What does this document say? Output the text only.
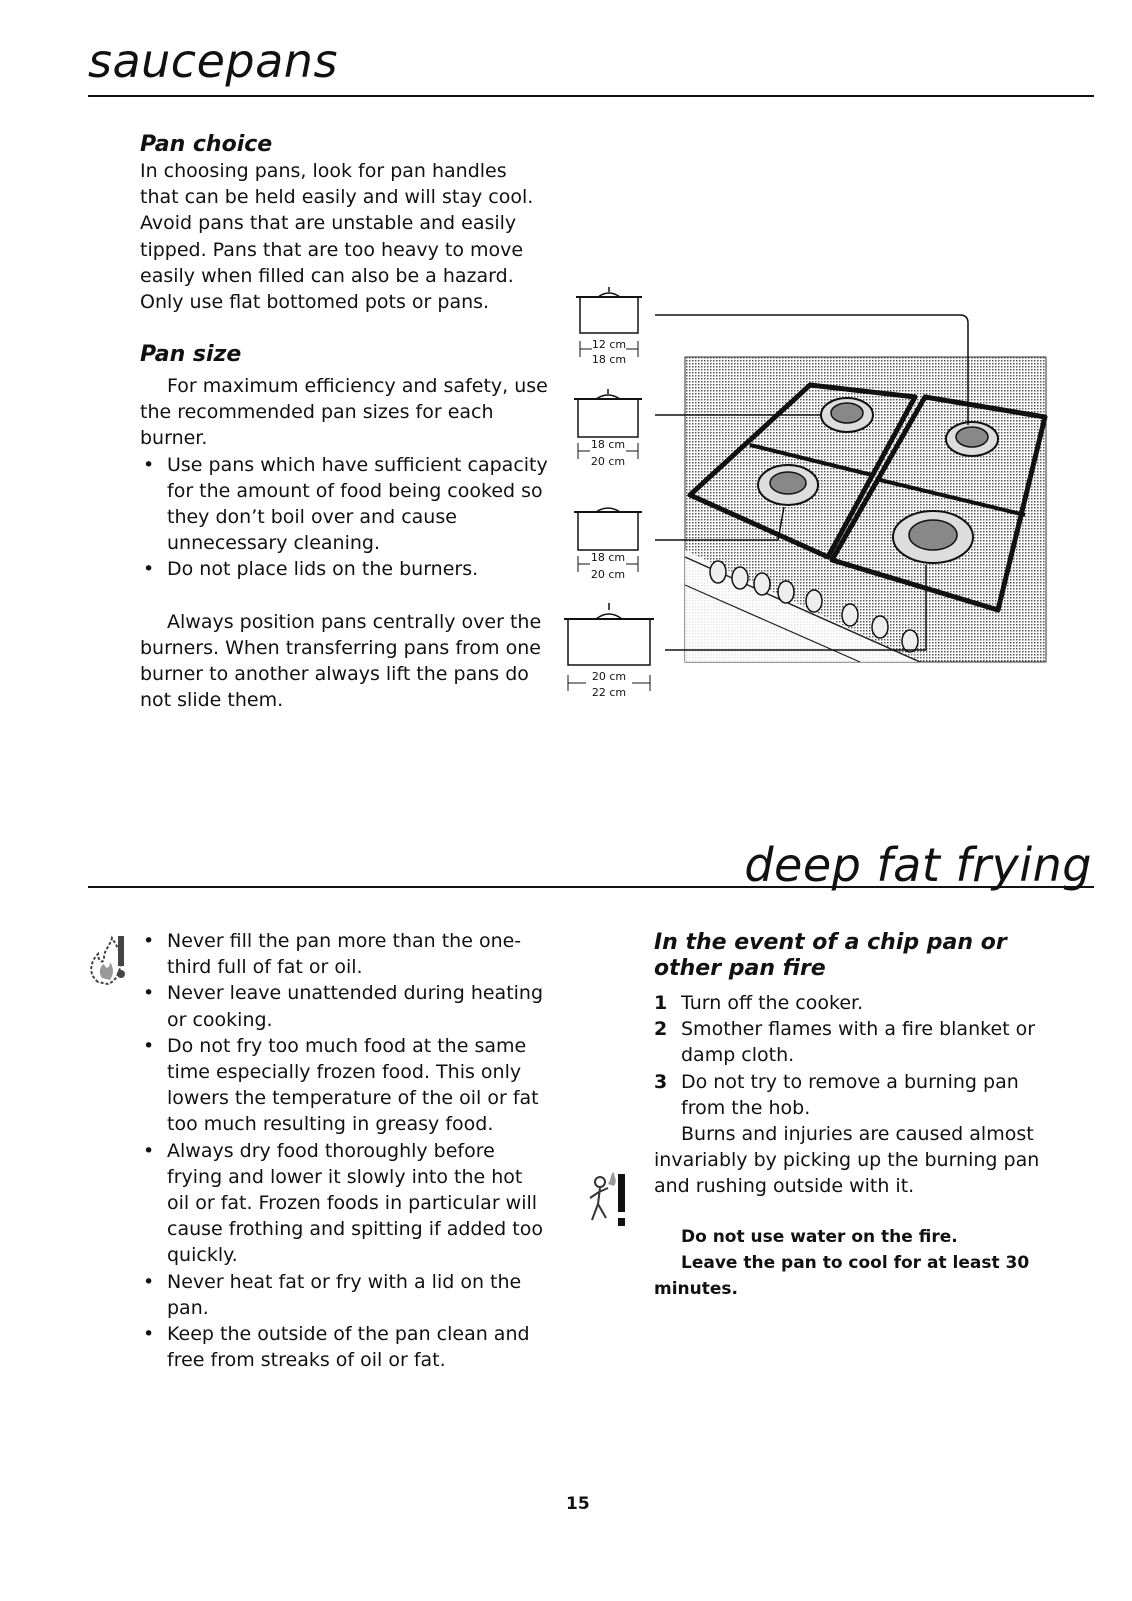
saucepans
Pan choice

In choosing pans, look for pan handles that can be held easily and will stay cool. Avoid pans that are unstable and easily tipped. Pans that are too heavy to move easily when filled can also be a hazard. Only use flat bottomed pots or pans.

Pan size

For maximum efficiency and safety, use the recommended pan sizes for each burner.

• Use pans which have sufficient capacity for the amount of food being cooked so they don’t boil over and cause unnecessary cleaning.
• Do not place lids on the burners.

Always position pans centrally over the burners. When transferring pans from one burner to another always lift the pans do not slide them.

12 cm
18 cm
18 cm
20 cm
18 cm
20 cm
20 cm
22 cm
deep fat frying
• Never fill the pan more than the one-third full of fat or oil.
• Never leave unattended during heating or cooking.
• Do not fry too much food at the same time especially frozen food. This only lowers the temperature of the oil or fat too much resulting in greasy food.
• Always dry food thoroughly before frying and lower it slowly into the hot oil or fat. Frozen foods in particular will cause frothing and spitting if added too quickly.
• Never heat fat or fry with a lid on the pan.
• Keep the outside of the pan clean and free from streaks of oil or fat.
In the event of a chip pan or other pan fire
1 Turn off the cooker.
2 Smother flames with a fire blanket or damp cloth.
3 Do not try to remove a burning pan from the hob.

Burns and injuries are caused almost invariably by picking up the burning pan and rushing outside with it.

Do not use water on the fire.

Leave the pan to cool for at least 30 minutes.

15
